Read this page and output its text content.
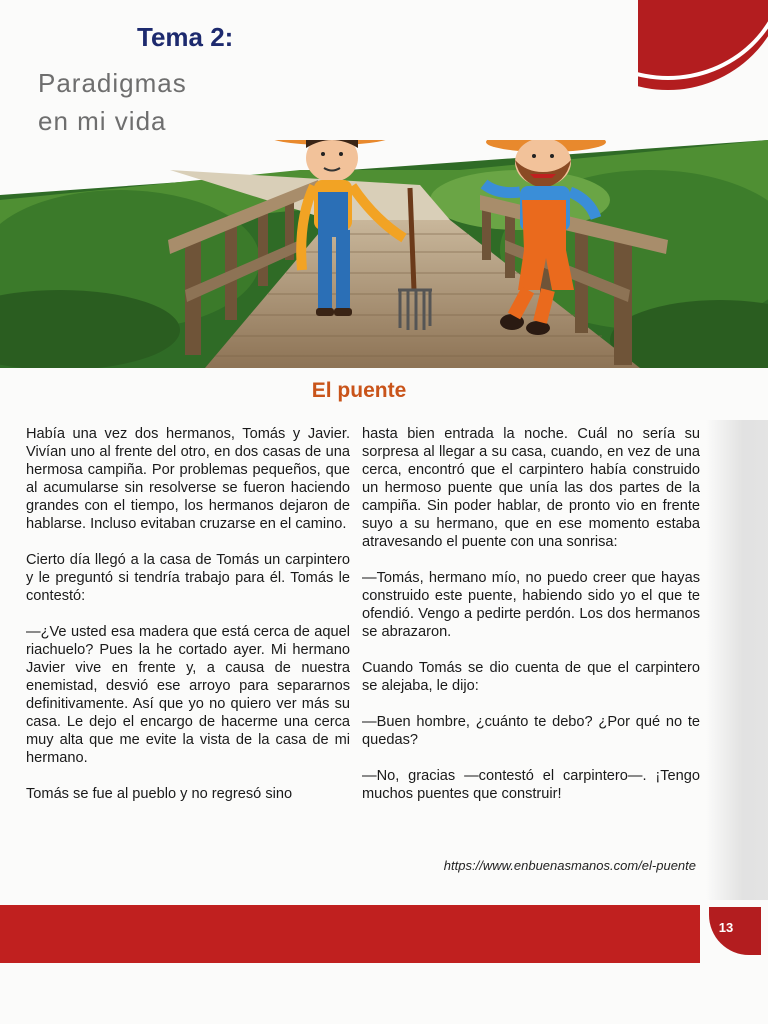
Tema 2:
Paradigmas
en mi vida
El puente

Había una vez dos hermanos, Tomás y Javier. Vivían uno al frente del otro, en dos casas de una hermosa campiña. Por problemas pequeños, que al acumularse sin resolverse se fueron haciendo grandes con el tiempo, los hermanos dejaron de hablarse. Incluso evitaban cruzarse en el camino.

Cierto día llegó a la casa de Tomás un carpintero y le preguntó si tendría trabajo para él. Tomás le contestó:

—¿Ve usted esa madera que está cerca de aquel riachuelo? Pues la he cortado ayer. Mi hermano Javier vive en frente y, a causa de nuestra enemistad, desvió ese arroyo para separarnos definitivamente. Así que yo no quiero ver más su casa. Le dejo el encargo de hacerme una cerca muy alta que me evite la vista de la casa de mi hermano.

Tomás se fue al pueblo y no regresó sino

hasta bien entrada la noche. Cuál no sería su sorpresa al llegar a su casa, cuando, en vez de una cerca, encontró que el carpintero había construido un hermoso puente que unía las dos partes de la campiña. Sin poder hablar, de pronto vio en frente suyo a su hermano, que en ese momento estaba atravesando el puente con una sonrisa:

—Tomás, hermano mío, no puedo creer que hayas construido este puente, habiendo sido yo el que te ofendió. Vengo a pedirte perdón. Los dos hermanos se abrazaron.

Cuando Tomás se dio cuenta de que el carpintero se alejaba, le dijo:

—Buen hombre, ¿cuánto te debo? ¿Por qué no te quedas?

—No, gracias —contestó el carpintero—. ¡Tengo muchos puentes que construir!

https://www.enbuenasmanos.com/el-puente
13
